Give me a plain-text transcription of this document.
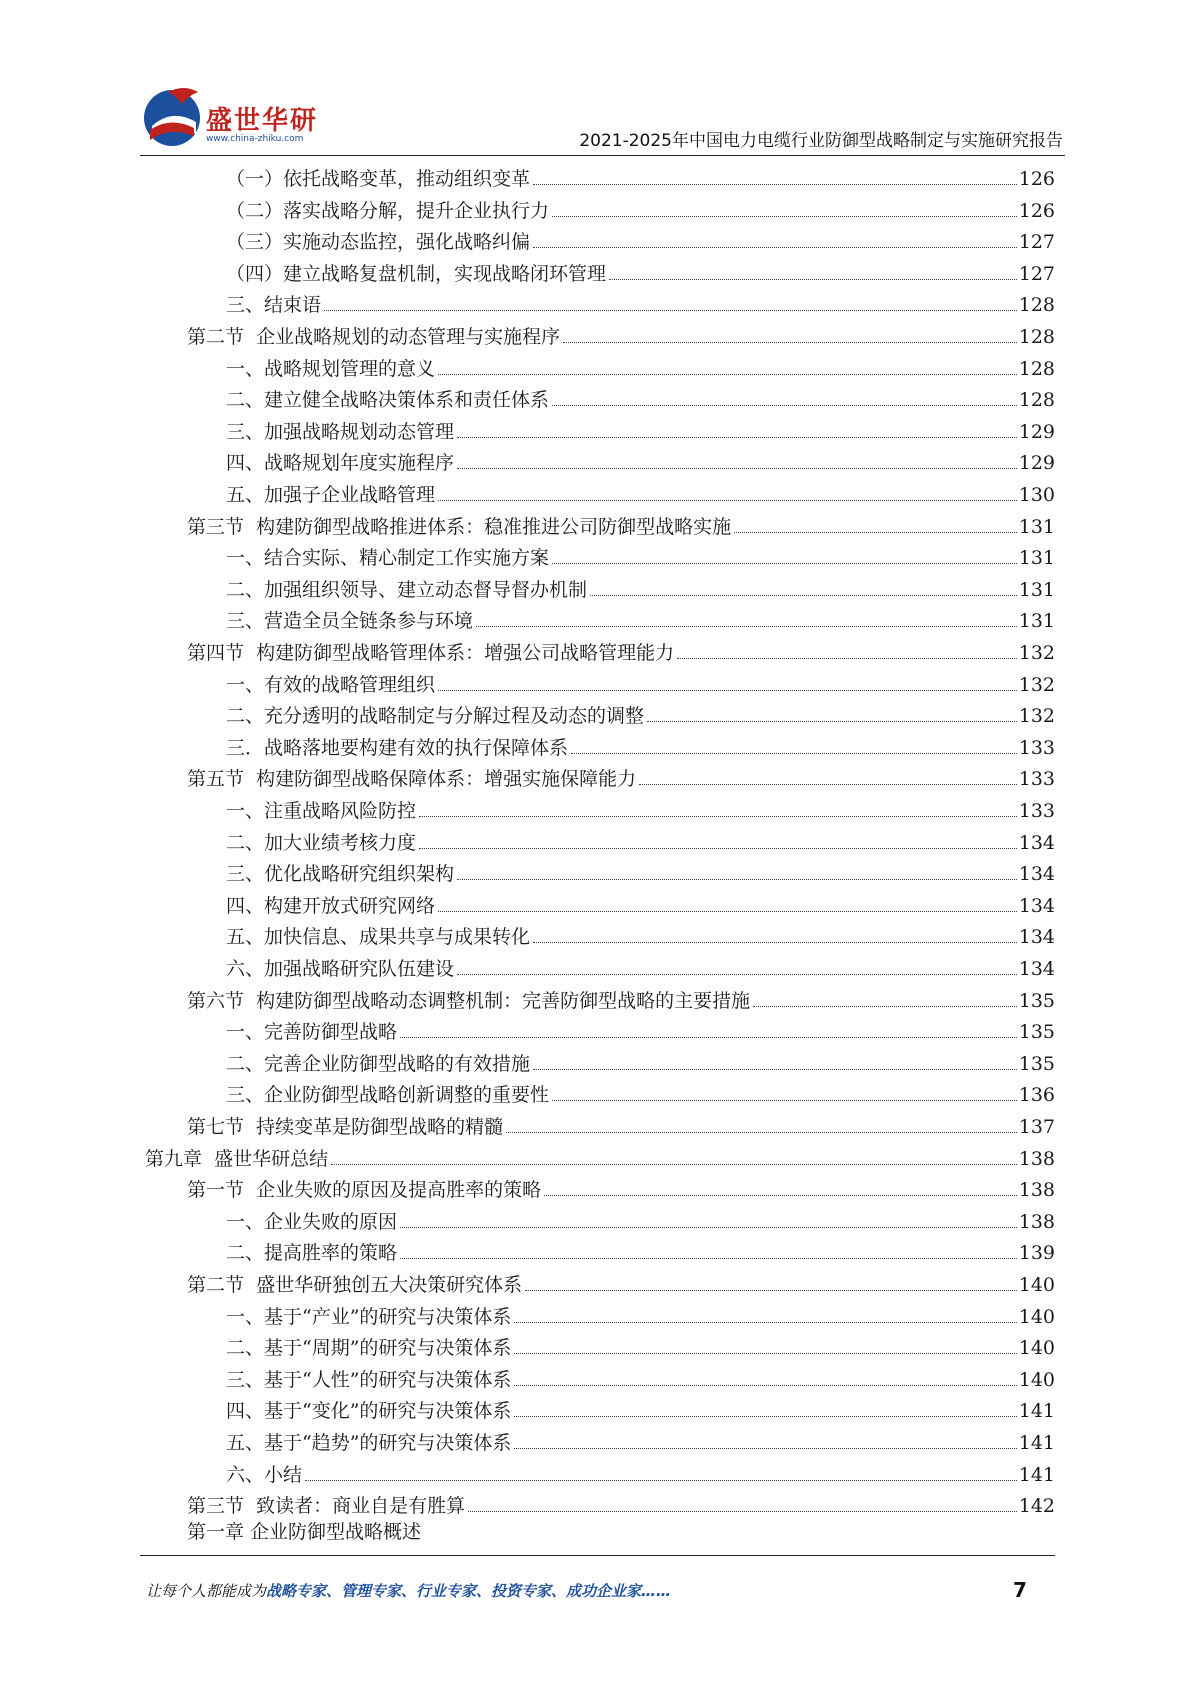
盛世华研
www.china-zhiku.com	2021-2025年中国电力电缆行业防御型战略制定与实施研究报告
（一）依托战略变革，推动组织变革	126
（二）落实战略分解，提升企业执行力	126
（三）实施动态监控，强化战略纠偏	127
（四）建立战略复盘机制，实现战略闭环管理	127
三、结束语	128
第二节  企业战略规划的动态管理与实施程序	128
一、战略规划管理的意义	128
二、建立健全战略决策体系和责任体系	128
三、加强战略规划动态管理	129
四、战略规划年度实施程序	129
五、加强子企业战略管理	130
第三节  构建防御型战略推进体系：稳准推进公司防御型战略实施	131
一、结合实际、精心制定工作实施方案	131
二、加强组织领导、建立动态督导督办机制	131
三、营造全员全链条参与环境	131
第四节  构建防御型战略管理体系：增强公司战略管理能力	132
一、有效的战略管理组织	132
二、充分透明的战略制定与分解过程及动态的调整	132
三．战略落地要构建有效的执行保障体系	133
第五节  构建防御型战略保障体系：增强实施保障能力	133
一、注重战略风险防控	133
二、加大业绩考核力度	134
三、优化战略研究组织架构	134
四、构建开放式研究网络	134
五、加快信息、成果共享与成果转化	134
六、加强战略研究队伍建设	134
第六节  构建防御型战略动态调整机制：完善防御型战略的主要措施	135
一、完善防御型战略	135
二、完善企业防御型战略的有效措施	135
三、企业防御型战略创新调整的重要性	136
第七节  持续变革是防御型战略的精髓	137
第九章  盛世华研总结	138
第一节  企业失败的原因及提高胜率的策略	138
一、企业失败的原因	138
二、提高胜率的策略	139
第二节  盛世华研独创五大决策研究体系	140
一、基于“产业”的研究与决策体系	140
二、基于“周期”的研究与决策体系	140
三、基于“人性”的研究与决策体系	140
四、基于“变化”的研究与决策体系	141
五、基于“趋势”的研究与决策体系	141
六、小结	141
第三节  致读者：商业自是有胜算	142
第一章 企业防御型战略概述
让每个人都能成为战略专家、管理专家、行业专家、投资专家、成功企业家……	7
